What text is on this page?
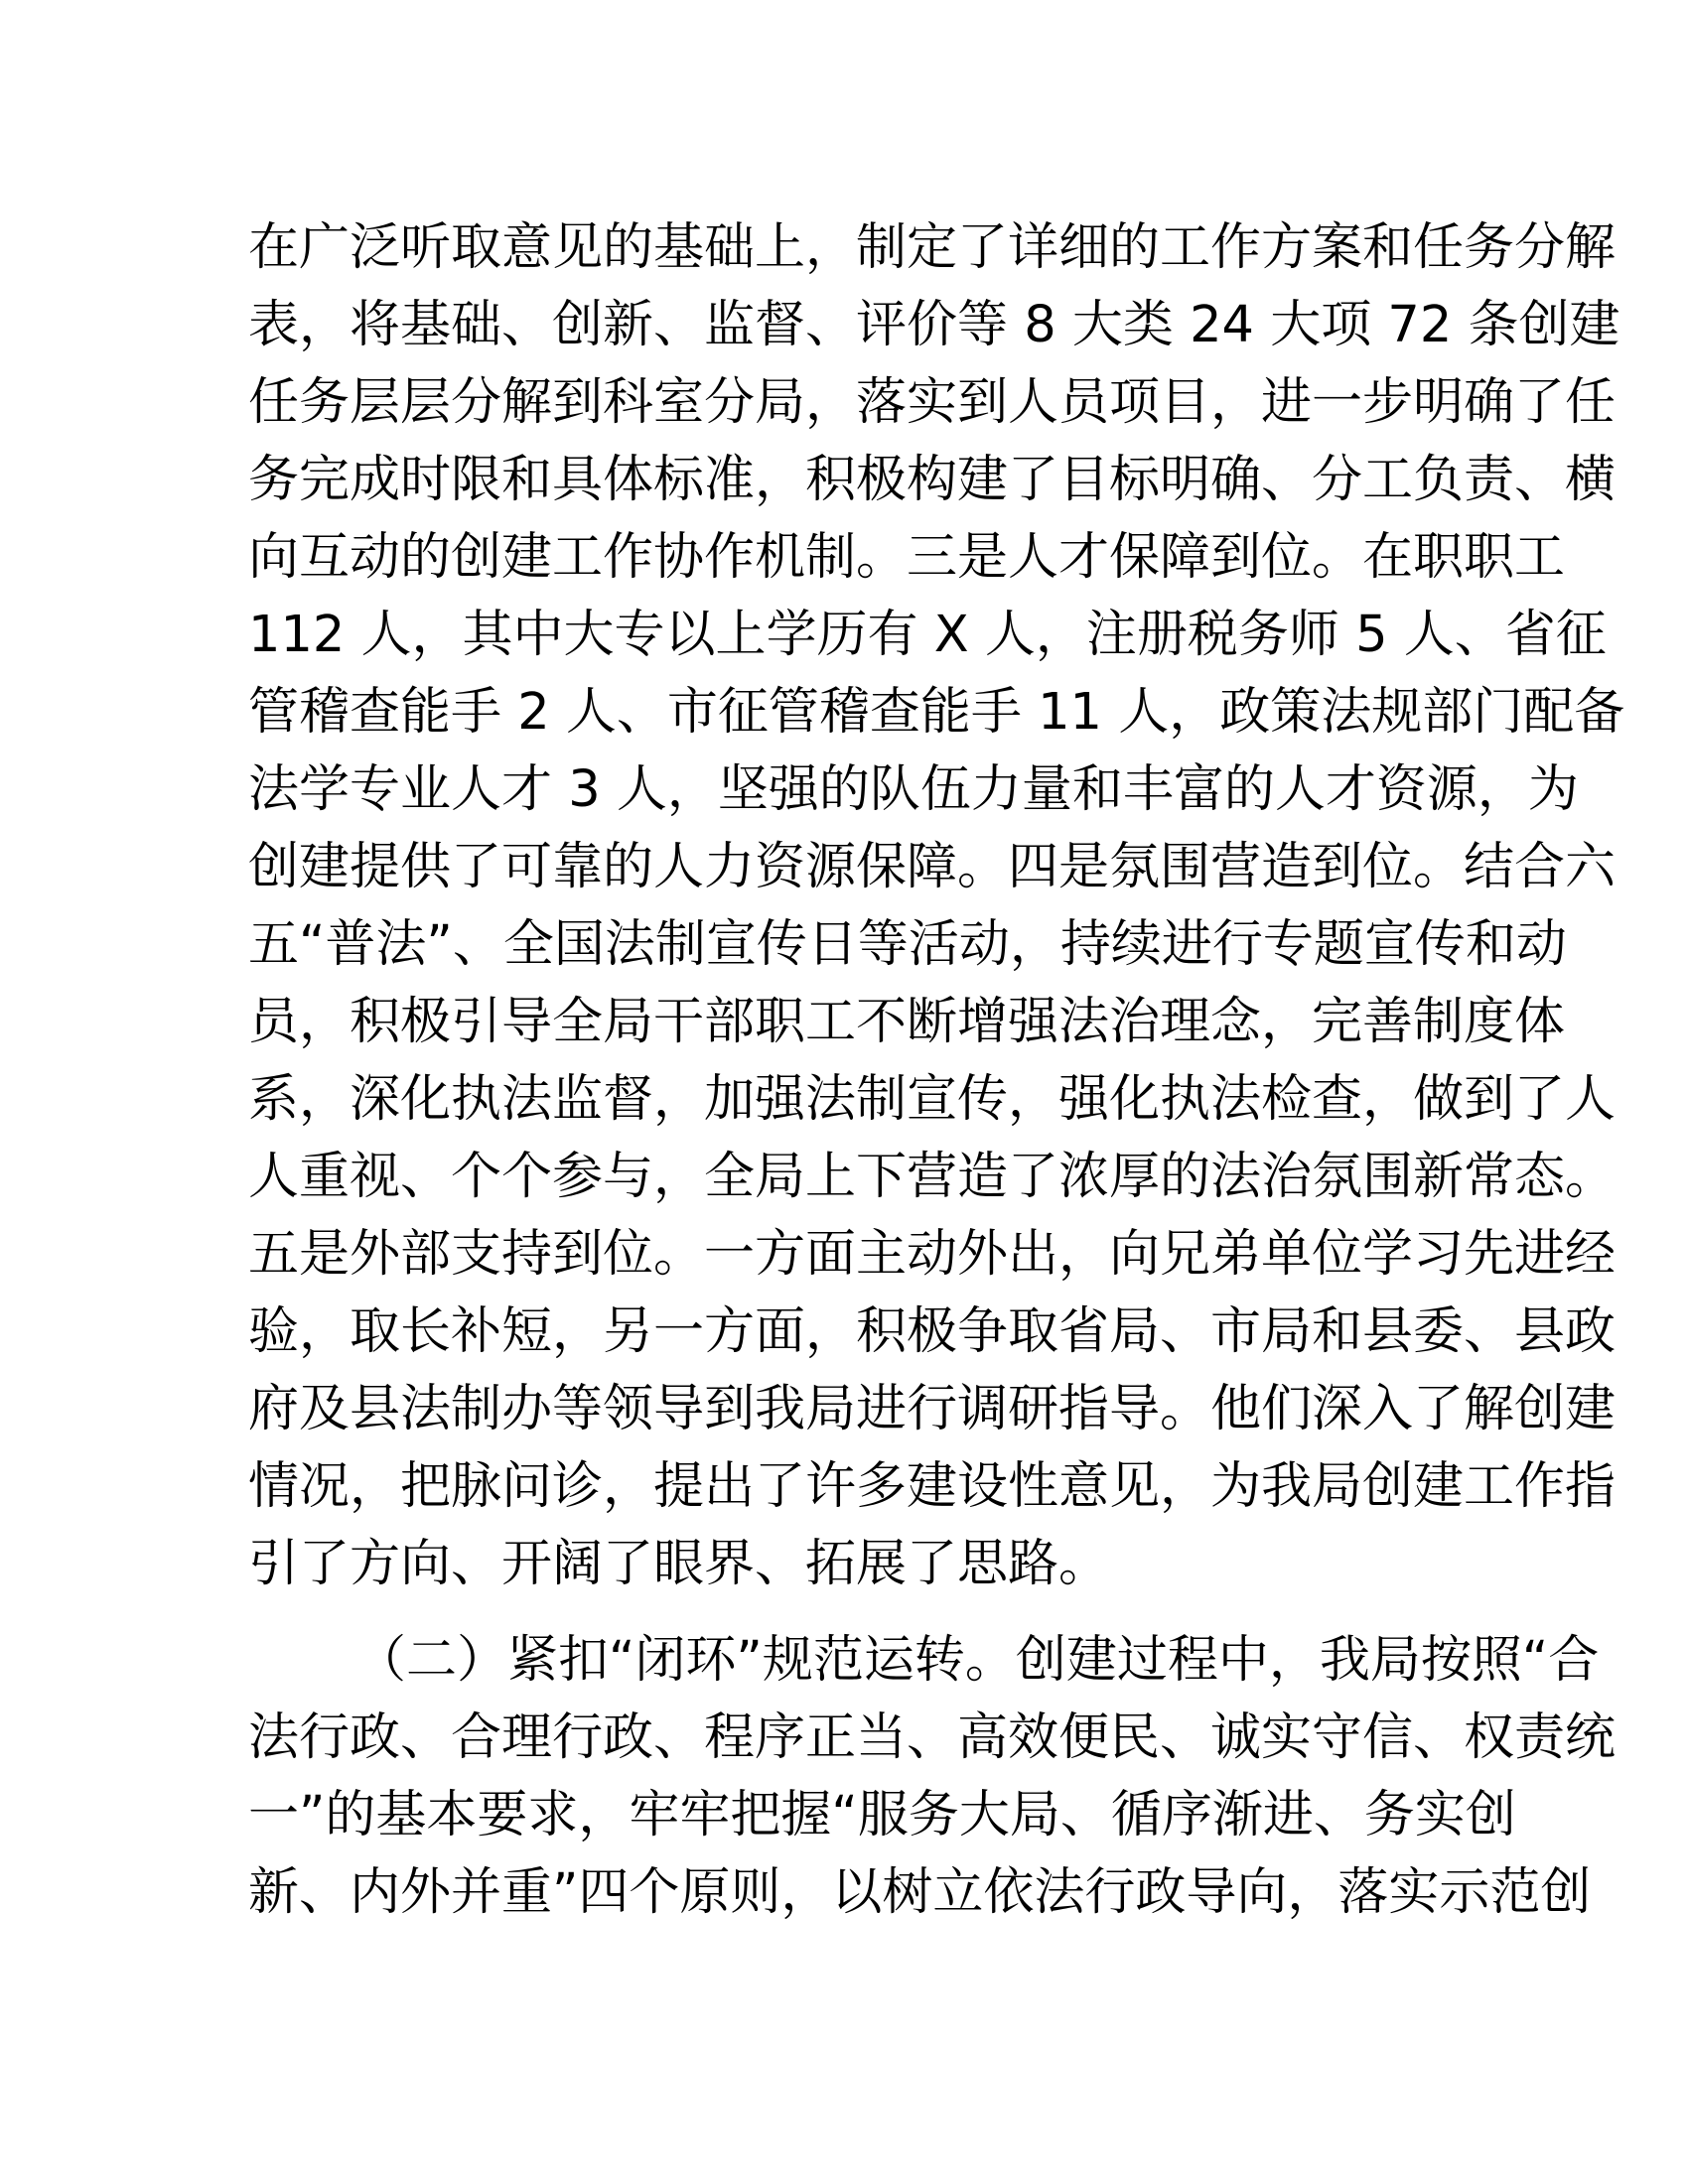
在广泛听取意见的基础上，制定了详细的工作方案和任务分解
表，将基础、创新、监督、评价等 8 大类 24 大项 72 条创建
任务层层分解到科室分局，落实到人员项目，进一步明确了任
务完成时限和具体标准，积极构建了目标明确、分工负责、横
向互动的创建工作协作机制。三是人才保障到位。在职职工
112 人，其中大专以上学历有 X 人，注册税务师 5 人、省征
管稽查能手 2 人、市征管稽查能手 11 人，政策法规部门配备
法学专业人才 3 人，坚强的队伍力量和丰富的人才资源，为
创建提供了可靠的人力资源保障。四是氛围营造到位。结合六
五“普法”、全国法制宣传日等活动，持续进行专题宣传和动
员，积极引导全局干部职工不断增强法治理念，完善制度体
系，深化执法监督，加强法制宣传，强化执法检查，做到了人
人重视、个个参与，全局上下营造了浓厚的法治氛围新常态。
五是外部支持到位。一方面主动外出，向兄弟单位学习先进经
验，取长补短，另一方面，积极争取省局、市局和县委、县政
府及县法制办等领导到我局进行调研指导。他们深入了解创建
情况，把脉问诊，提出了许多建设性意见，为我局创建工作指
引了方向、开阔了眼界、拓展了思路。
（二）紧扣“闭环”规范运转。创建过程中，我局按照“合
法行政、合理行政、程序正当、高效便民、诚实守信、权责统
一”的基本要求，牢牢把握“服务大局、循序渐进、务实创
新、内外并重”四个原则，以树立依法行政导向，落实示范创
